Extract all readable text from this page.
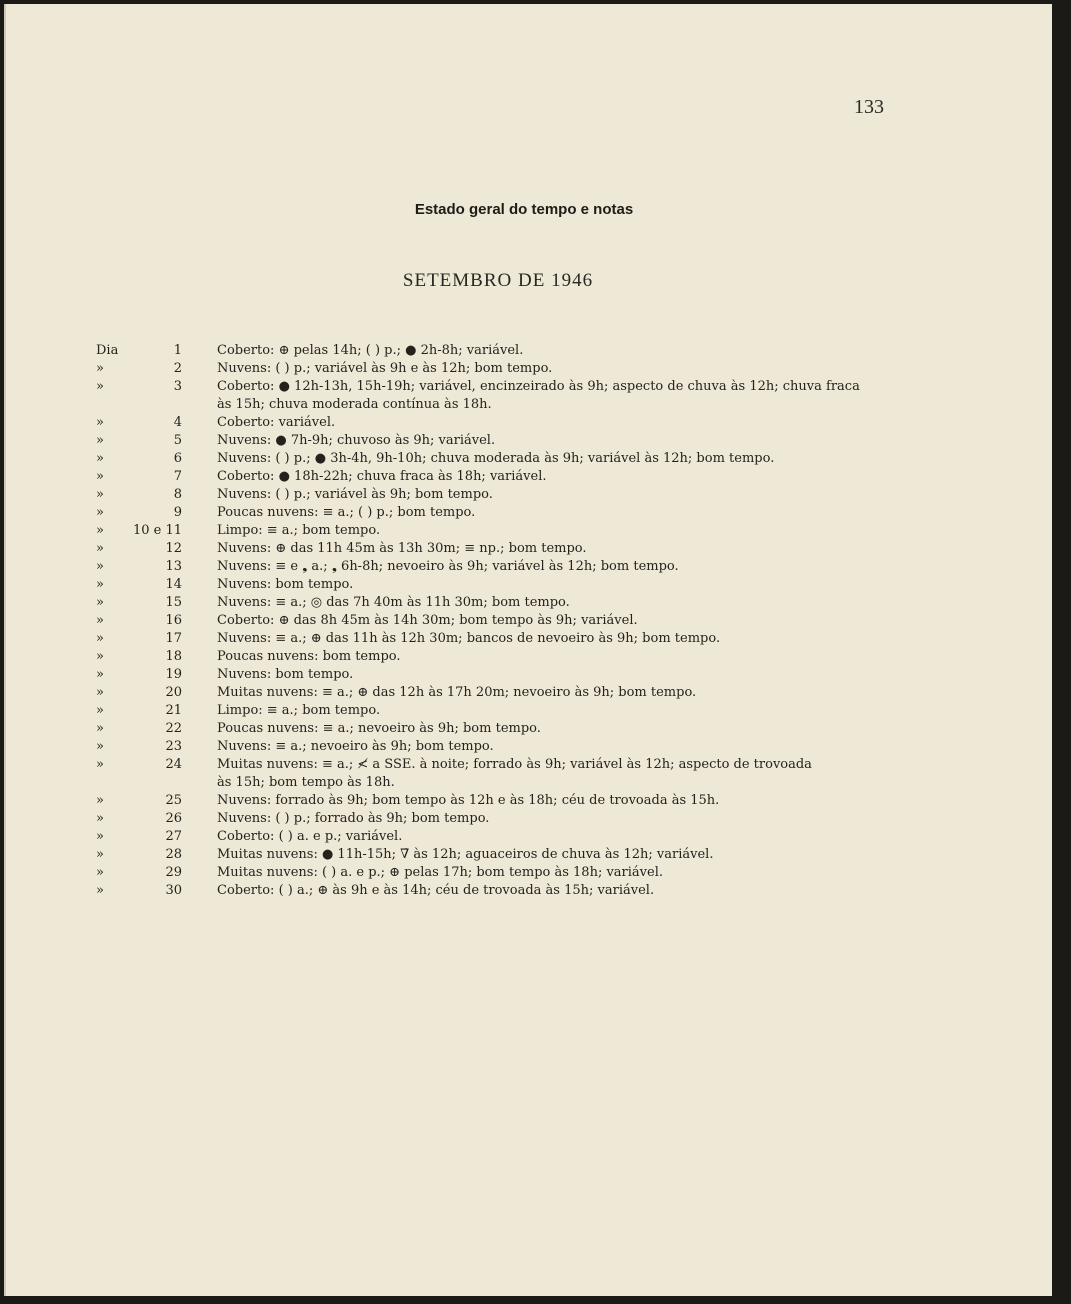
133
Estado geral do tempo e notas
SETEMBRO DE 1946
Dia	1	Coberto: ⊕ pelas 14h; ( ) p.; ● 2h-8h; variável.
»	2	Nuvens: ( ) p.; variável às 9h e às 12h; bom tempo.
»	3	Coberto: ● 12h-13h, 15h-19h; variável, encinzeirado às 9h; aspecto de chuva às 12h; chuva fraca
às 15h; chuva moderada contínua às 18h.
»	4	Coberto: variável.
»	5	Nuvens: ● 7h-9h; chuvoso às 9h; variável.
»	6	Nuvens: ( ) p.; ● 3h-4h, 9h-10h; chuva moderada às 9h; variável às 12h; bom tempo.
»	7	Coberto: ● 18h-22h; chuva fraca às 18h; variável.
»	8	Nuvens: ( ) p.; variável às 9h; bom tempo.
»	9	Poucas nuvens: ≡ a.; ( ) p.; bom tempo.
»	10 e 11	Limpo: ≡ a.; bom tempo.
»	12	Nuvens: ⊕ das 11h 45m às 13h 30m; ≡ np.; bom tempo.
»	13	Nuvens: ≡ e ❟ a.; ❟ 6h-8h; nevoeiro às 9h; variável às 12h; bom tempo.
»	14	Nuvens: bom tempo.
»	15	Nuvens: ≡ a.; ◎ das 7h 40m às 11h 30m; bom tempo.
»	16	Coberto: ⊕ das 8h 45m às 14h 30m; bom tempo às 9h; variável.
»	17	Nuvens: ≡ a.; ⊕ das 11h às 12h 30m; bancos de nevoeiro às 9h; bom tempo.
»	18	Poucas nuvens: bom tempo.
»	19	Nuvens: bom tempo.
»	20	Muitas nuvens: ≡ a.; ⊕ das 12h às 17h 20m; nevoeiro às 9h; bom tempo.
»	21	Limpo: ≡ a.; bom tempo.
»	22	Poucas nuvens: ≡ a.; nevoeiro às 9h; bom tempo.
»	23	Nuvens: ≡ a.; nevoeiro às 9h; bom tempo.
»	24	Muitas nuvens: ≡ a.; ≮ a SSE. à noite; forrado às 9h; variável às 12h; aspecto de trovoada
às 15h; bom tempo às 18h.
»	25	Nuvens: forrado às 9h; bom tempo às 12h e às 18h; céu de trovoada às 15h.
»	26	Nuvens: ( ) p.; forrado às 9h; bom tempo.
»	27	Coberto: ( ) a. e p.; variável.
»	28	Muitas nuvens: ● 11h-15h; ∇̇ às 12h; aguaceiros de chuva às 12h; variável.
»	29	Muitas nuvens: ( ) a. e p.; ⊕ pelas 17h; bom tempo às 18h; variável.
»	30	Coberto: ( ) a.; ⊕ às 9h e às 14h; céu de trovoada às 15h; variável.
